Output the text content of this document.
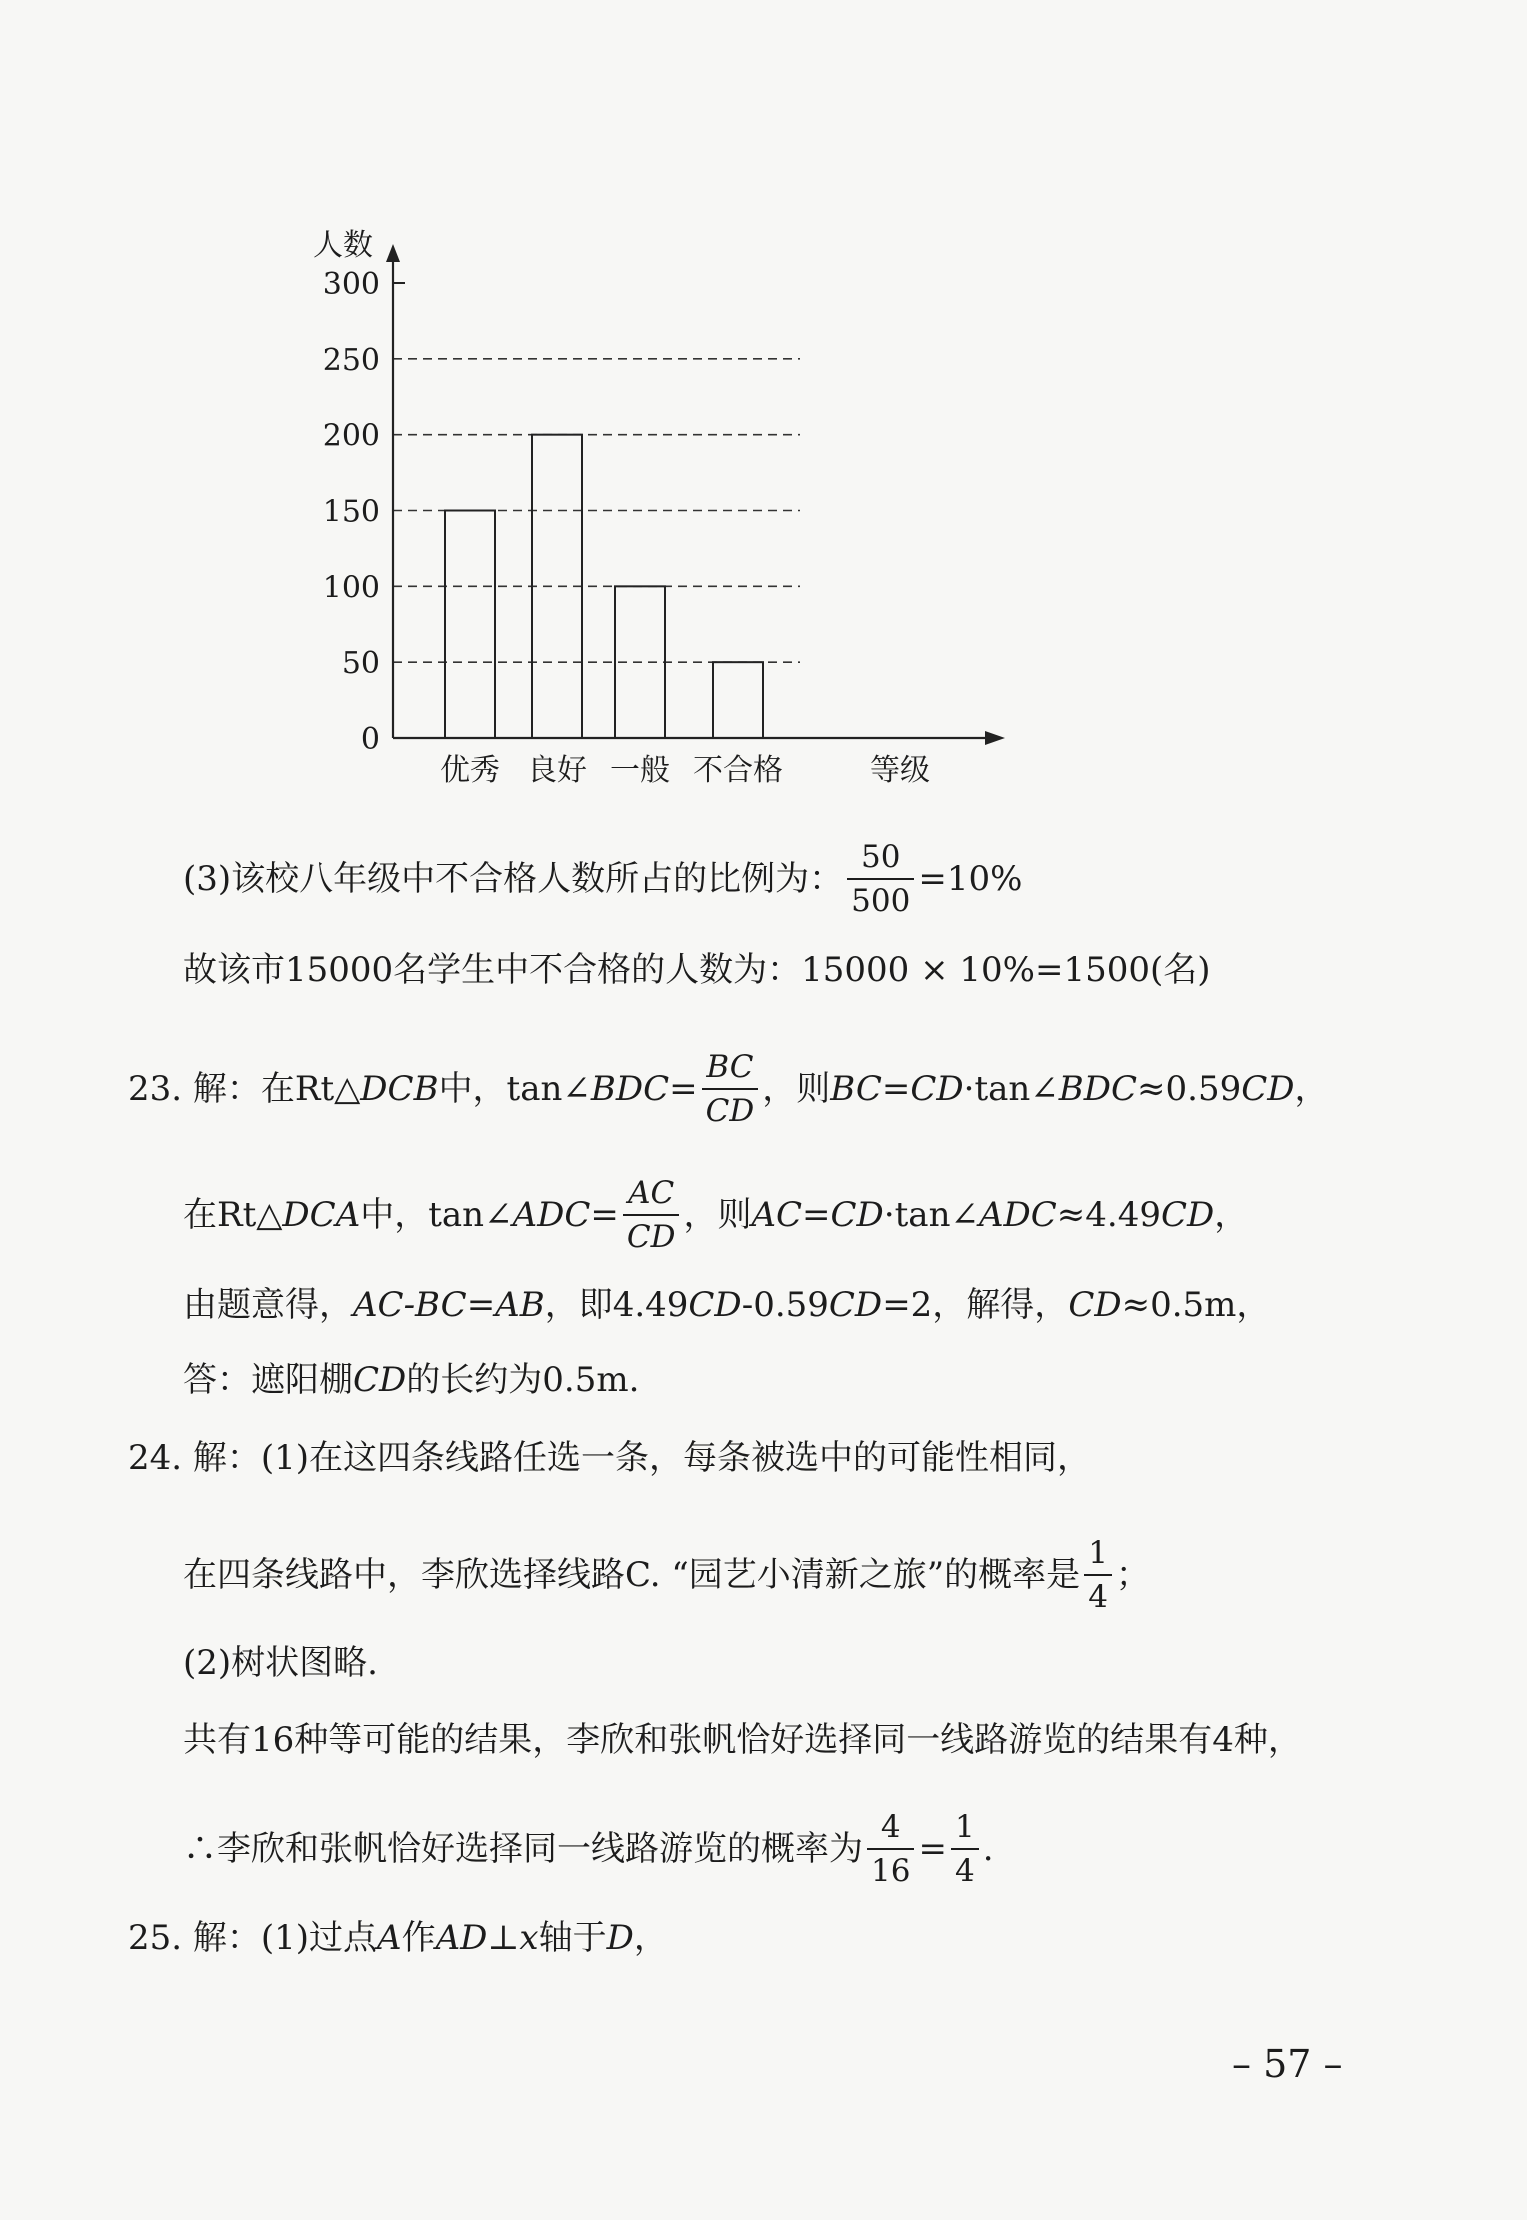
0
50
100
150
200
250
300
优秀 良好 一般 不合格
人数
等级
(3)该校八年级中不合格人数所占的比例为： $\frac{50}{500} =10\%$
故该市15000名学生中不合格的人数为：15000 × 10%=1500(名)
23. 解：在Rt△ DCB 中，tan∠ BDC = $\frac{BC}{CD}$ ，则 BC=CD ·tan∠ BDC ≈0.59 CD ，
在Rt△ DCA 中，tan∠ ADC = $\frac{AC}{CD}$ ，则 AC=CD ·tan∠ ADC ≈4.49 CD ，
由题意得， AC-BC=AB ，即4.49 CD -0.59 CD =2，解得， CD ≈0.5m，
答：遮阳棚 CD 的长约为0.5m.
24. 解：(1)在这四条线路任选一条，每条被选中的可能性相同，
在四条线路中，李欣选择线路C. “园艺小清新之旅”的概率是 $\frac{1}{4}$ ；
(2)树状图略.
共有16种等可能的结果，李欣和张帆恰好选择同一线路游览的结果有4种，
∴李欣和张帆恰好选择同一线路游览的概率为 $\frac{4}{16} = \frac{1}{4}$ .
25. 解：(1)过点 A 作 AD ⊥ x 轴于 D ，
– 57 –
